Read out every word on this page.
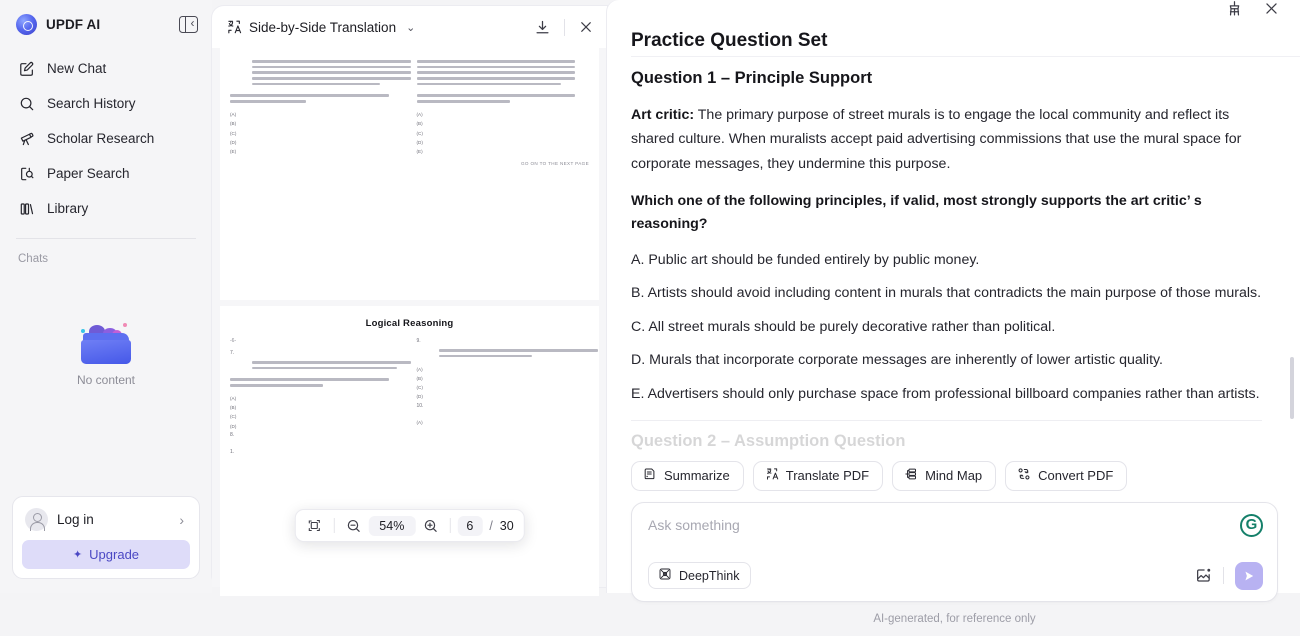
UPDF AI
‹
New Chat
Search History
Scholar Research
Paper Search
Library
Chats
No content
Log in	›
✦ Upgrade
Side-by-Side Translation ⌄
(A)
(B)
(C)
(D)
(E)
(A)
(B)
(C)
(D)
(E)
GO ON TO THE NEXT PAGE
Logical Reasoning
-6-
7.
(A)
(B)
(C)
(D)
8.
1.
9.
(A)
(B)
(C)
(D)
10.
(A)
54%	6	/ 30
Practice Question Set
Question 1 – Principle Support
Art critic: The primary purpose of street murals is to engage the local community and reflect its shared culture. When muralists accept paid advertising commissions that use the mural space for corporate messages, they undermine this purpose.
Which one of the following principles, if valid, most strongly supports the art critic’ s reasoning?
A. Public art should be funded entirely by public money.
B. Artists should avoid including content in murals that contradicts the main purpose of those murals.
C. All street murals should be purely decorative rather than political.
D. Murals that incorporate corporate messages are inherently of lower artistic quality.
E. Advertisers should only purchase space from professional billboard companies rather than artists.
Question 2 – Assumption Question
Summarize	Translate PDF	Mind Map	Convert PDF
Ask something
G
DeepThink
AI-generated, for reference only
